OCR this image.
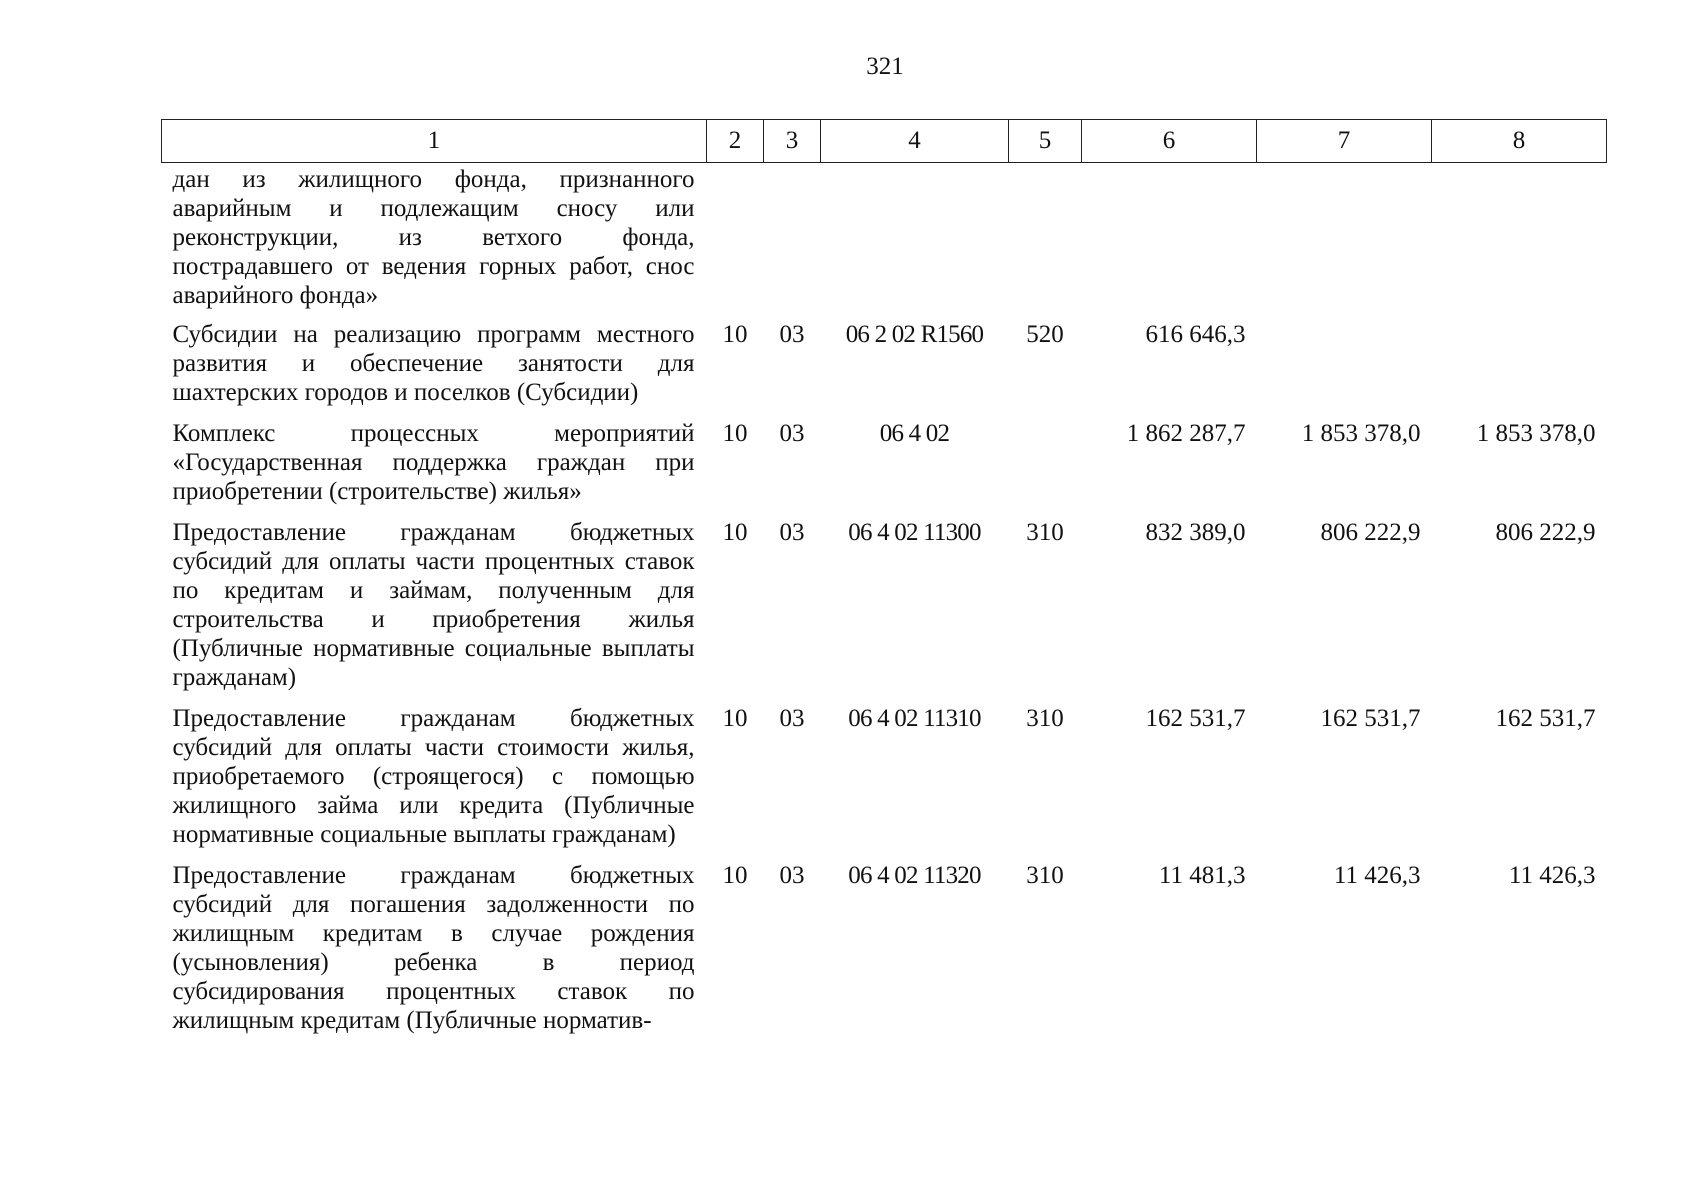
321
1	2	3	4	5	6	7	8
дан из жилищного фонда, признанного аварийным и подлежащим сносу или реконструкции, из ветхого фонда, пострадавшего от ведения горных работ, снос аварийного фонда»							
Субсидии на реализацию программ местного развития и обеспечение занятости для шахтерских городов и поселков (Субсидии)	10	03	06 2 02 R1560	520	616 646,3		
Комплекс процессных мероприятий «Государственная поддержка граждан при приобретении (строительстве) жилья»	10	03	06 4 02		1 862 287,7	1 853 378,0	1 853 378,0
Предоставление гражданам бюджетных субсидий для оплаты части процентных ставок по кредитам и займам, полученным для строительства и приобретения жилья (Публичные нормативные социальные выплаты гражданам)	10	03	06 4 02 11300	310	832 389,0	806 222,9	806 222,9
Предоставление гражданам бюджетных субсидий для оплаты части стоимости жилья, приобретаемого (строящегося) с помощью жилищного займа или кредита (Публичные нормативные социальные выплаты гражданам)	10	03	06 4 02 11310	310	162 531,7	162 531,7	162 531,7
Предоставление гражданам бюджетных субсидий для погашения задолженности по жилищным кредитам в случае рождения (усыновления) ребенка в период субсидирования процентных ставок по жилищным кредитам (Публичные норматив-	10	03	06 4 02 11320	310	11 481,3	11 426,3	11 426,3
